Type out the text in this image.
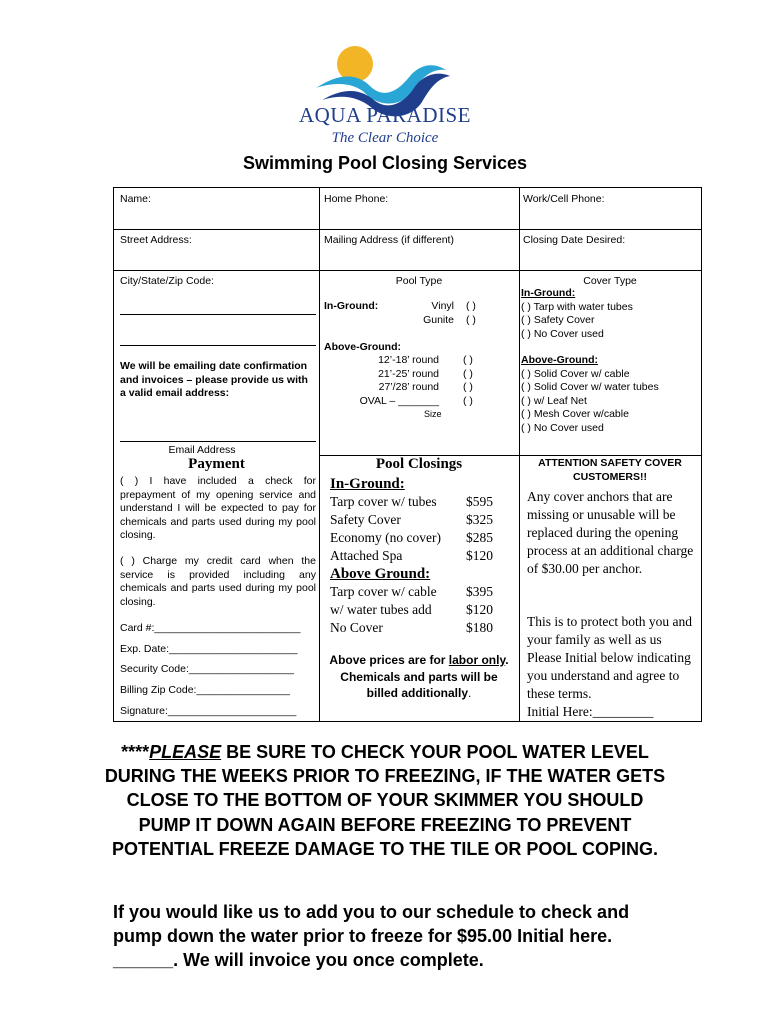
AQUA PARADISE
The Clear Choice
Swimming Pool Closing Services
Name:	Home Phone:	Work/Cell Phone:
Street Address:	Mailing Address (if different)	Closing Date Desired:
City/State/Zip Code:
We will be emailing date confirmation and invoices – please provide us with a valid email address:
Email Address
Pool Type
In-Ground:	Vinyl ( )
Gunite ( )
Above-Ground:
12’-18’ round ( )
21’-25’ round ( )
27’/28’ round ( )
OVAL – _______ ( )
Size
Cover Type
In-Ground:
( ) Tarp with water tubes
( ) Safety Cover
( ) No Cover used
Above-Ground:
( ) Solid Cover w/ cable
( ) Solid Cover w/ water tubes
( ) w/ Leaf Net
( ) Mesh Cover w/cable
( ) No Cover used
Payment
( ) I have included a check for prepayment of my opening service and understand I will be expected to pay for chemicals and parts used during my pool closing.
( ) Charge my credit card when the service is provided including any chemicals and parts used during my pool closing.
Card #:_________________________
Exp. Date:______________________
Security Code:__________________
Billing Zip Code:________________
Signature:______________________
Pool Closings
In-Ground:
Tarp cover w/ tubes $595
Safety Cover	$325
Economy (no cover) $285
Attached Spa	$120
Above Ground:
Tarp cover w/ cable $395
w/ water tubes add	$120
No Cover	$180
Above prices are for labor only. Chemicals and parts will be billed additionally.
ATTENTION SAFETY COVER CUSTOMERS!!
Any cover anchors that are missing or unusable will be replaced during the opening process at an additional charge of $30.00 per anchor.
This is to protect both you and your family as well as us Please Initial below indicating you understand and agree to these terms.
Initial Here:_________
****PLEASE BE SURE TO CHECK YOUR POOL WATER LEVEL DURING THE WEEKS PRIOR TO FREEZING, IF THE WATER GETS CLOSE TO THE BOTTOM OF YOUR SKIMMER YOU SHOULD PUMP IT DOWN AGAIN BEFORE FREEZING TO PREVENT POTENTIAL FREEZE DAMAGE TO THE TILE OR POOL COPING.
If you would like us to add you to our schedule to check and pump down the water prior to freeze for $95.00 Initial here. ______. We will invoice you once complete.
